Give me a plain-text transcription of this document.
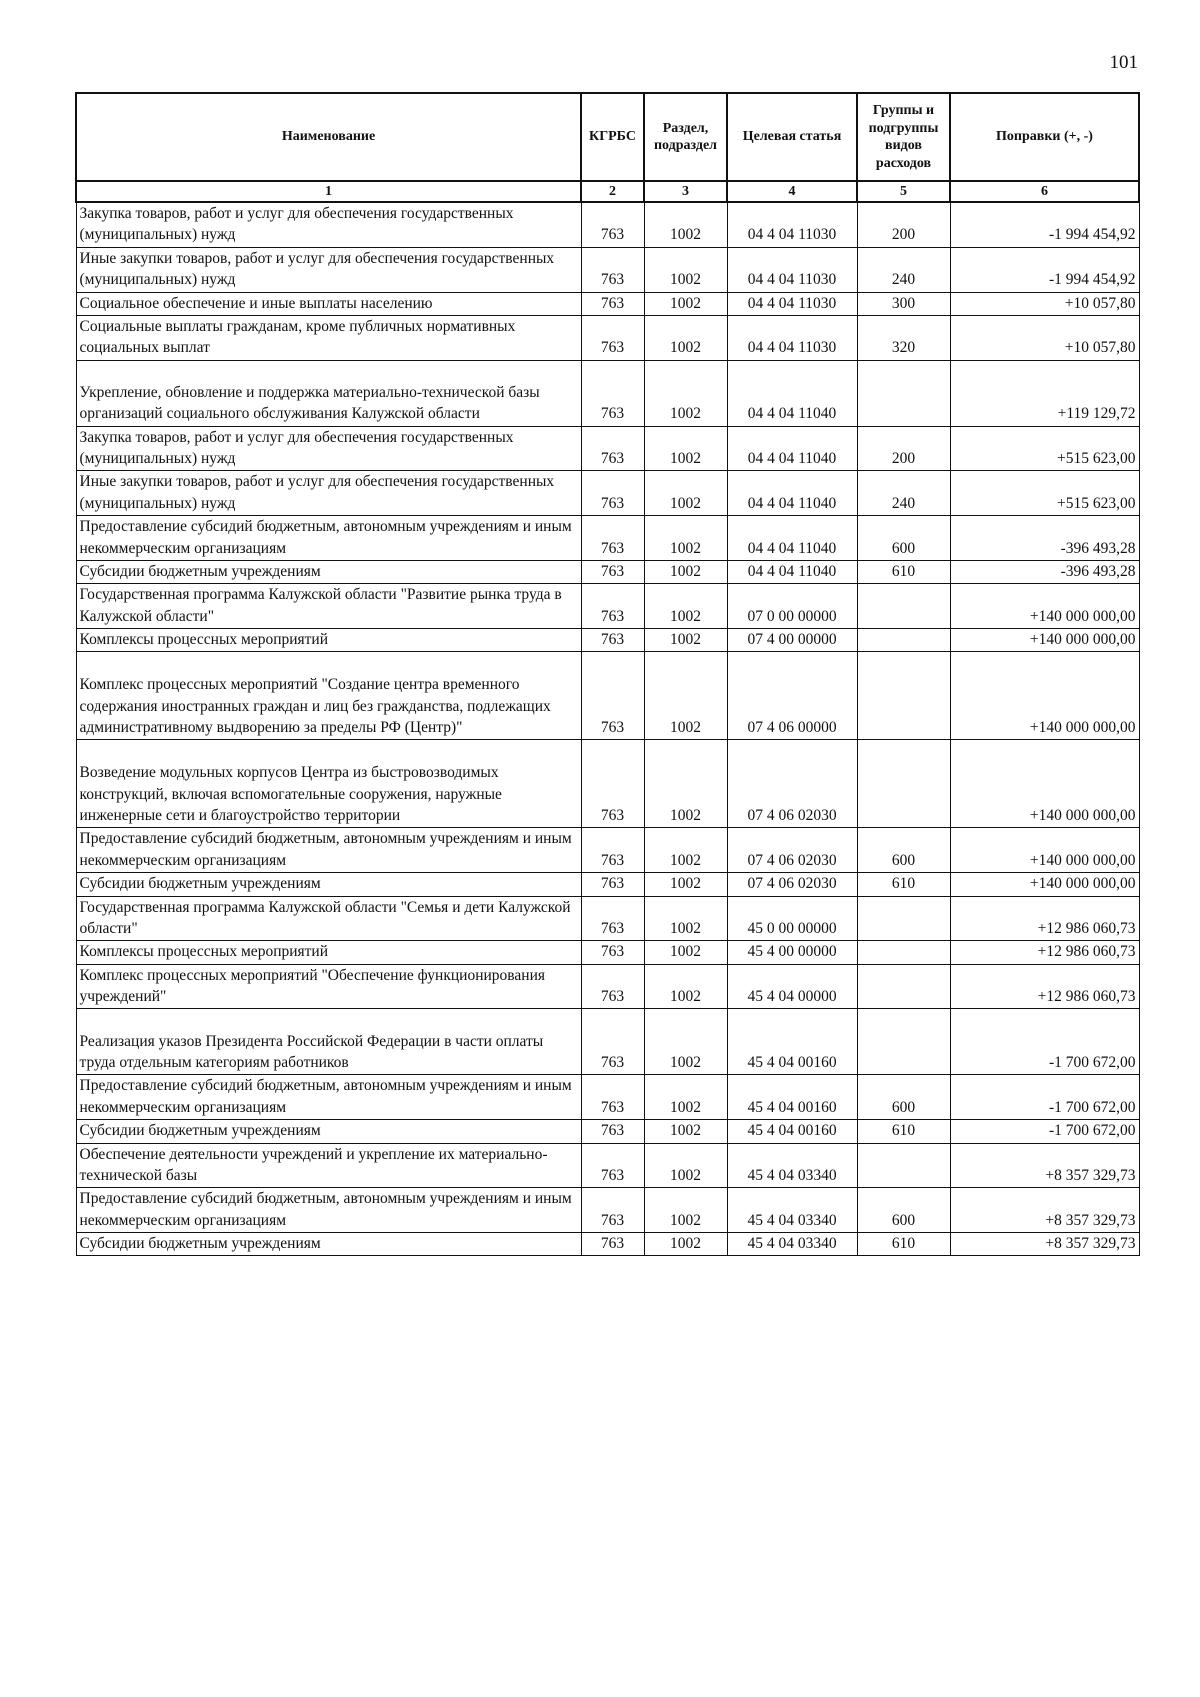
101
Наименование	КГРБС	Раздел, подраздел	Целевая статья	Группы и подгруппы видов расходов	Поправки (+, -)
1	2	3	4	5	6
Закупка товаров, работ и услуг для обеспечения государственных (муниципальных) нужд	763	1002	04 4 04 11030	200	-1 994 454,92
Иные закупки товаров, работ и услуг для обеспечения государственных (муниципальных) нужд	763	1002	04 4 04 11030	240	-1 994 454,92
Социальное обеспечение и иные выплаты населению	763	1002	04 4 04 11030	300	+10 057,80
Социальные выплаты гражданам, кроме публичных нормативных социальных выплат	763	1002	04 4 04 11030	320	+10 057,80
Укрепление, обновление и поддержка материально-технической базы организаций социального обслуживания Калужской области	763	1002	04 4 04 11040		+119 129,72
Закупка товаров, работ и услуг для обеспечения государственных (муниципальных) нужд	763	1002	04 4 04 11040	200	+515 623,00
Иные закупки товаров, работ и услуг для обеспечения государственных (муниципальных) нужд	763	1002	04 4 04 11040	240	+515 623,00
Предоставление субсидий бюджетным, автономным учреждениям и иным некоммерческим организациям	763	1002	04 4 04 11040	600	-396 493,28
Субсидии бюджетным учреждениям	763	1002	04 4 04 11040	610	-396 493,28
Государственная программа Калужской области "Развитие рынка труда в Калужской области"	763	1002	07 0 00 00000		+140 000 000,00
Комплексы процессных мероприятий	763	1002	07 4 00 00000		+140 000 000,00
Комплекс процессных мероприятий "Создание центра временного содержания иностранных граждан и лиц без гражданства, подлежащих административному выдворению за пределы РФ (Центр)"	763	1002	07 4 06 00000		+140 000 000,00
Возведение модульных корпусов Центра из быстровозводимых конструкций, включая вспомогательные сооружения, наружные инженерные сети и благоустройство территории	763	1002	07 4 06 02030		+140 000 000,00
Предоставление субсидий бюджетным, автономным учреждениям и иным некоммерческим организациям	763	1002	07 4 06 02030	600	+140 000 000,00
Субсидии бюджетным учреждениям	763	1002	07 4 06 02030	610	+140 000 000,00
Государственная программа Калужской области "Семья и дети Калужской области"	763	1002	45 0 00 00000		+12 986 060,73
Комплексы процессных мероприятий	763	1002	45 4 00 00000		+12 986 060,73
Комплекс процессных мероприятий "Обеспечение функционирования учреждений"	763	1002	45 4 04 00000		+12 986 060,73
Реализация указов Президента Российской Федерации в части оплаты труда отдельным категориям работников	763	1002	45 4 04 00160		-1 700 672,00
Предоставление субсидий бюджетным, автономным учреждениям и иным некоммерческим организациям	763	1002	45 4 04 00160	600	-1 700 672,00
Субсидии бюджетным учреждениям	763	1002	45 4 04 00160	610	-1 700 672,00
Обеспечение деятельности учреждений и укрепление их материально-технической базы	763	1002	45 4 04 03340		+8 357 329,73
Предоставление субсидий бюджетным, автономным учреждениям и иным некоммерческим организациям	763	1002	45 4 04 03340	600	+8 357 329,73
Субсидии бюджетным учреждениям	763	1002	45 4 04 03340	610	+8 357 329,73
